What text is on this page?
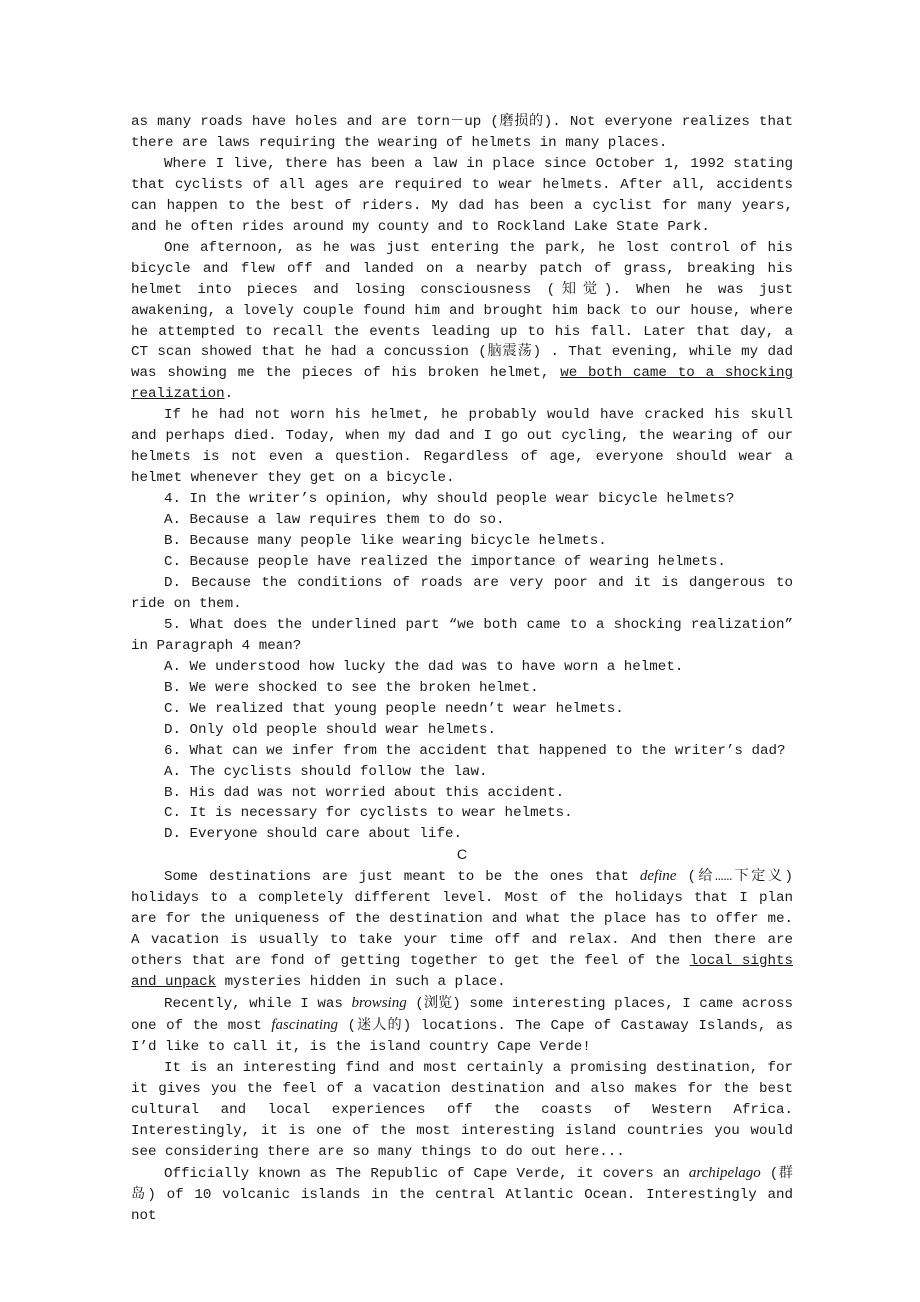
as many roads have holes and are torn－up (磨损的). Not everyone realizes that there are laws requiring the wearing of helmets in many places.

Where I live, there has been a law in place since October 1, 1992 stating that cyclists of all ages are required to wear helmets. After all, accidents can happen to the best of riders. My dad has been a cyclist for many years, and he often rides around my county and to Rockland Lake State Park.

One afternoon, as he was just entering the park, he lost control of his bicycle and flew off and landed on a nearby patch of grass, breaking his helmet into pieces and losing consciousness (知觉). When he was just awakening, a lovely couple found him and brought him back to our house, where he attempted to recall the events leading up to his fall. Later that day, a CT scan showed that he had a concussion (脑震荡) . That evening, while my dad was showing me the pieces of his broken helmet, we both came to a shocking realization.

If he had not worn his helmet, he probably would have cracked his skull and perhaps died. Today, when my dad and I go out cycling, the wearing of our helmets is not even a question. Regardless of age, everyone should wear a helmet whenever they get on a bicycle.

4. In the writer’s opinion, why should people wear bicycle helmets?

A. Because a law requires them to do so.

B. Because many people like wearing bicycle helmets.

C. Because people have realized the importance of wearing helmets.

D. Because the conditions of roads are very poor and it is dangerous to ride on them.

5. What does the underlined part “we both came to a shocking realization” in Paragraph 4 mean?

A. We understood how lucky the dad was to have worn a helmet.

B. We were shocked to see the broken helmet.

C. We realized that young people needn’t wear helmets.

D. Only old people should wear helmets.

6. What can we infer from the accident that happened to the writer’s dad?

A. The cyclists should follow the law.

B. His dad was not worried about this accident.

C. It is necessary for cyclists to wear helmets.

D. Everyone should care about life.

C

Some destinations are just meant to be the ones that define (给……下定义) holidays to a completely different level. Most of the holidays that I plan are for the uniqueness of the destination and what the place has to offer me. A vacation is usually to take your time off and relax. And then there are others that are fond of getting together to get the feel of the local sights and unpack mysteries hidden in such a place.

Recently, while I was browsing (浏览) some interesting places, I came across one of the most fascinating (迷人的) locations. The Cape of Castaway Islands, as I’d like to call it, is the island country Cape Verde!

It is an interesting find and most certainly a promising destination, for it gives you the feel of a vacation destination and also makes for the best cultural and local experiences off the coasts of Western Africa. Interestingly, it is one of the most interesting island countries you would see considering there are so many things to do out here...

Officially known as The Republic of Cape Verde, it covers an archipelago (群岛) of 10 volcanic islands in the central Atlantic Ocean. Interestingly and not
